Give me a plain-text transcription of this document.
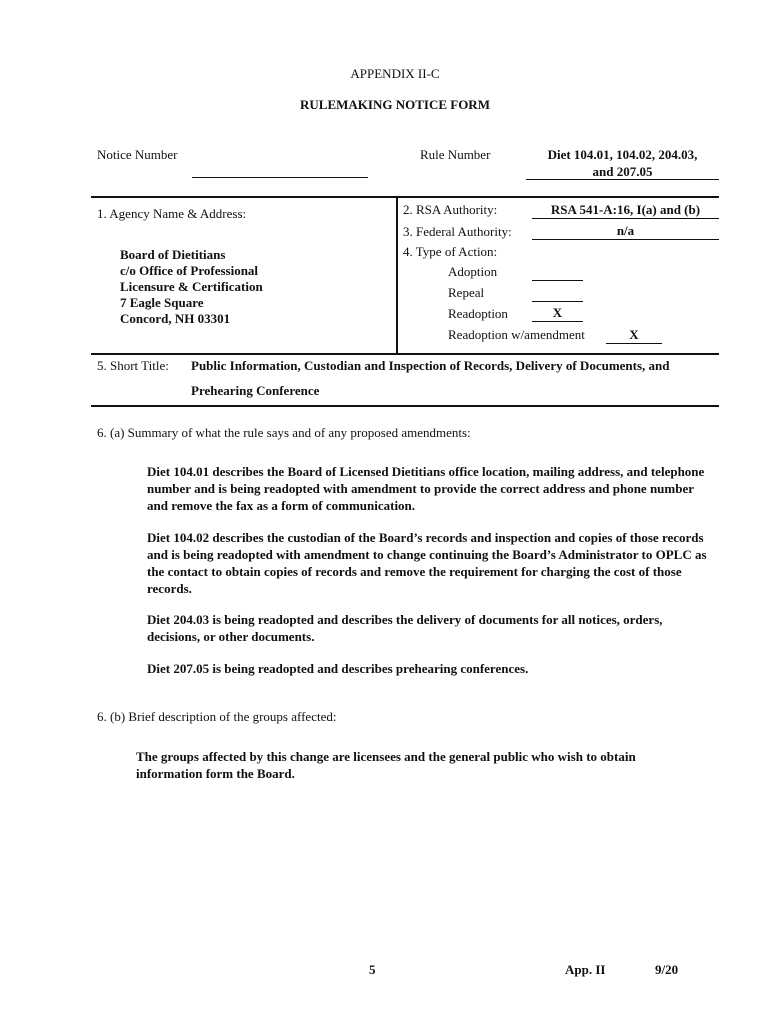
APPENDIX II-C
RULEMAKING NOTICE FORM
Notice Number	Rule Number	Diet 104.01, 104.02, 204.03,
and 207.05
1. Agency Name & Address:
Board of Dietitians
c/o Office of Professional
Licensure & Certification
7 Eagle Square
Concord, NH 03301
2. RSA Authority:	RSA 541-A:16, I(a) and (b)
3. Federal Authority:	n/a
4. Type of Action:
Adoption
Repeal
Readoption	X
Readoption w/amendment	X
5. Short Title: Public Information, Custodian and Inspection of Records, Delivery of Documents, and
Prehearing Conference
6. (a) Summary of what the rule says and of any proposed amendments:
Diet 104.01 describes the Board of Licensed Dietitians office location, mailing address, and telephone number and is being readopted with amendment to provide the correct address and phone number and remove the fax as a form of communication.
Diet 104.02 describes the custodian of the Board’s records and inspection and copies of those records and is being readopted with amendment to change continuing the Board’s Administrator to OPLC as the contact to obtain copies of records and remove the requirement for charging the cost of those records.
Diet 204.03 is being readopted and describes the delivery of documents for all notices, orders, decisions, or other documents.
Diet 207.05 is being readopted and describes prehearing conferences.
6. (b) Brief description of the groups affected:
The groups affected by this change are licensees and the general public who wish to obtain information form the Board.
5	App. II	9/20
